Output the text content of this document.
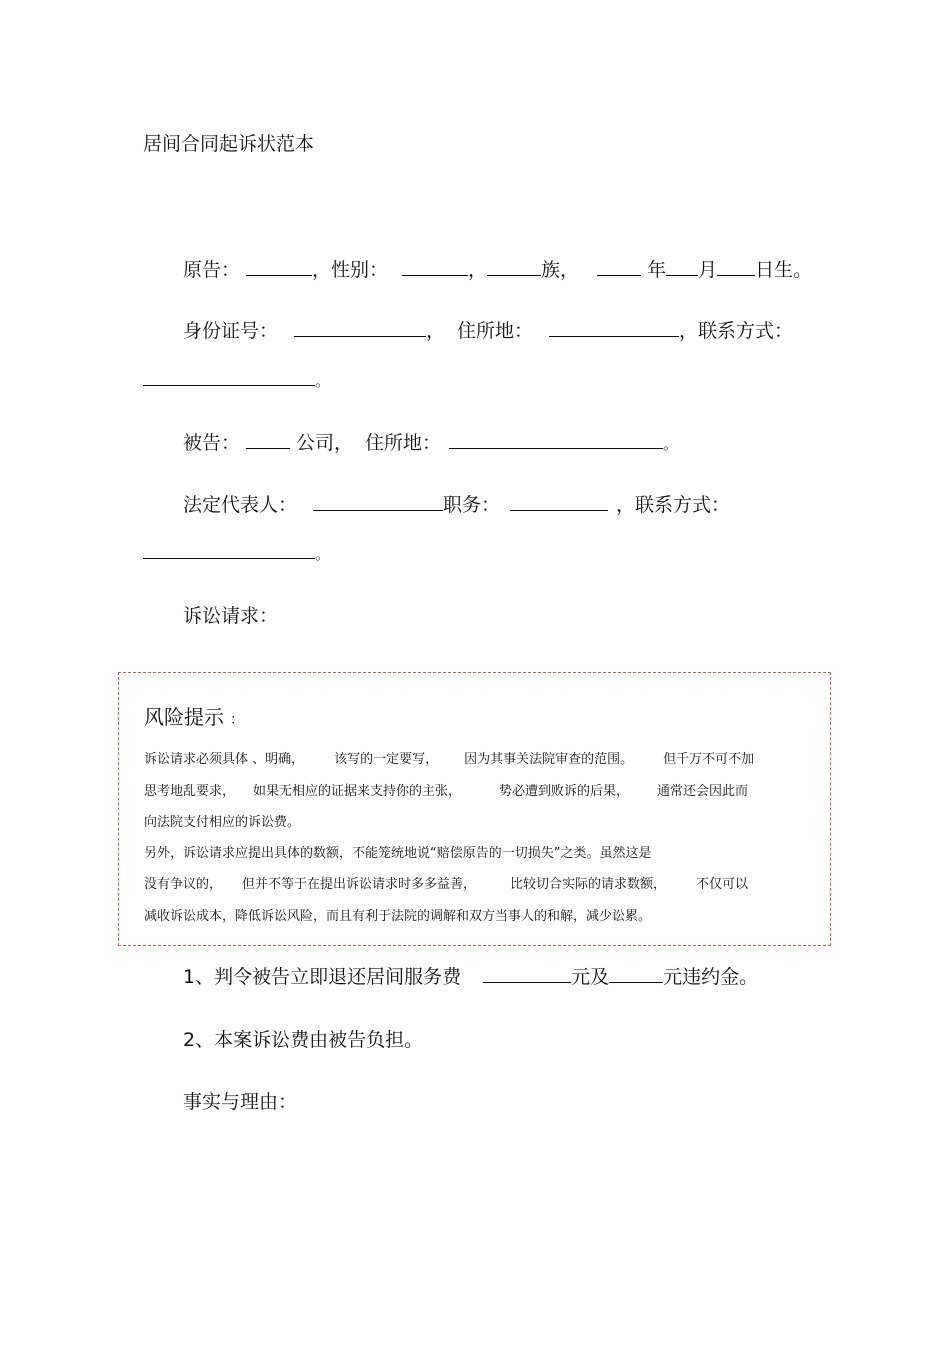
居间合同起诉状范本
原告：	，性别：	，	族，	年 月 日生。
身份证号：	， 住所地：	，联系方式：
。
被告：	公司， 住所地：	。
法定代表人：	职务：	，联系方式：
。
诉讼请求：
风险提示 ：
诉讼请求必须具体 、明确， 该写的一定要写， 因为其事关法院审查的范围。 但千万不可不加
思考地乱要求， 如果无相应的证据来支持你的主张，	势必遭到败诉的后果， 通常还会因此而
向法院支付相应的诉讼费。
另外，诉讼请求应提出具体的数额，不能笼统地说“赔偿原告的一切损失”之类。虽然这是
没有争议的， 但并不等于在提出诉讼请求时多多益善，	比较切合实际的请求数额， 不仅可以
减收诉讼成本，降低诉讼风险，而且有利于法院的调解和双方当事人的和解，减少讼累。
1、判令被告立即退还居间服务费	元及	元违约金。
2、本案诉讼费由被告负担。
事实与理由：
